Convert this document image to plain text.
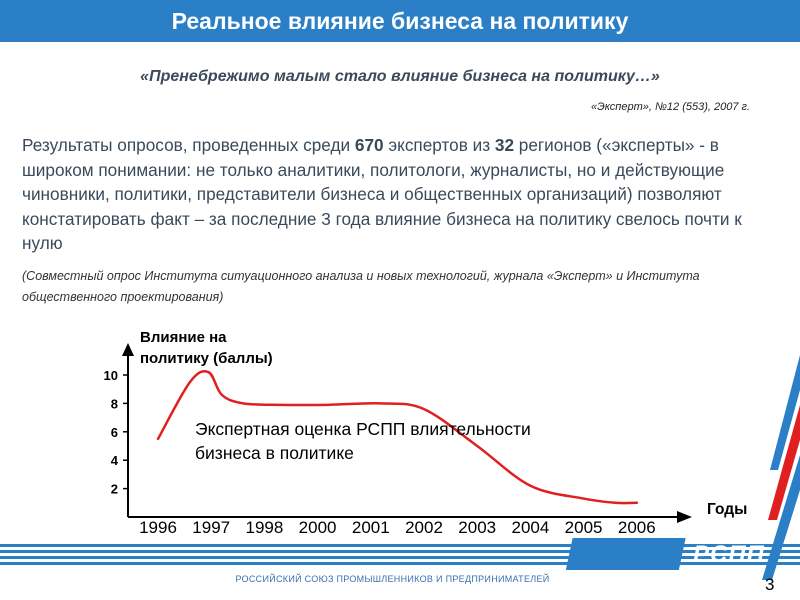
Реальное влияние бизнеса на политику
«Пренебрежимо малым стало влияние бизнеса на политику…»
«Эксперт», №12 (553), 2007 г.
Результаты опросов, проведенных среди 670 экспертов из 32 регионов («эксперты» - в широком понимании: не только аналитики, политологи, журналисты, но и действующие чиновники, политики, представители бизнеса и общественных организаций) позволяют констатировать факт – за последние 3 года влияние бизнеса на политику свелось почти к нулю
(Совместный опрос Института ситуационного анализа и новых технологий, журнала «Эксперт» и Института общественного проектирования)
2
4
6
8
10
1996 1997 1998 2000 2001 2002 2003 2004 2005 2006
Влияние на политику (баллы)
Годы
Экспертная оценка РСПП влиятельности бизнеса в политике
РСПП
РОССИЙСКИЙ СОЮЗ ПРОМЫШЛЕННИКОВ И ПРЕДПРИНИМАТЕЛЕЙ	3
